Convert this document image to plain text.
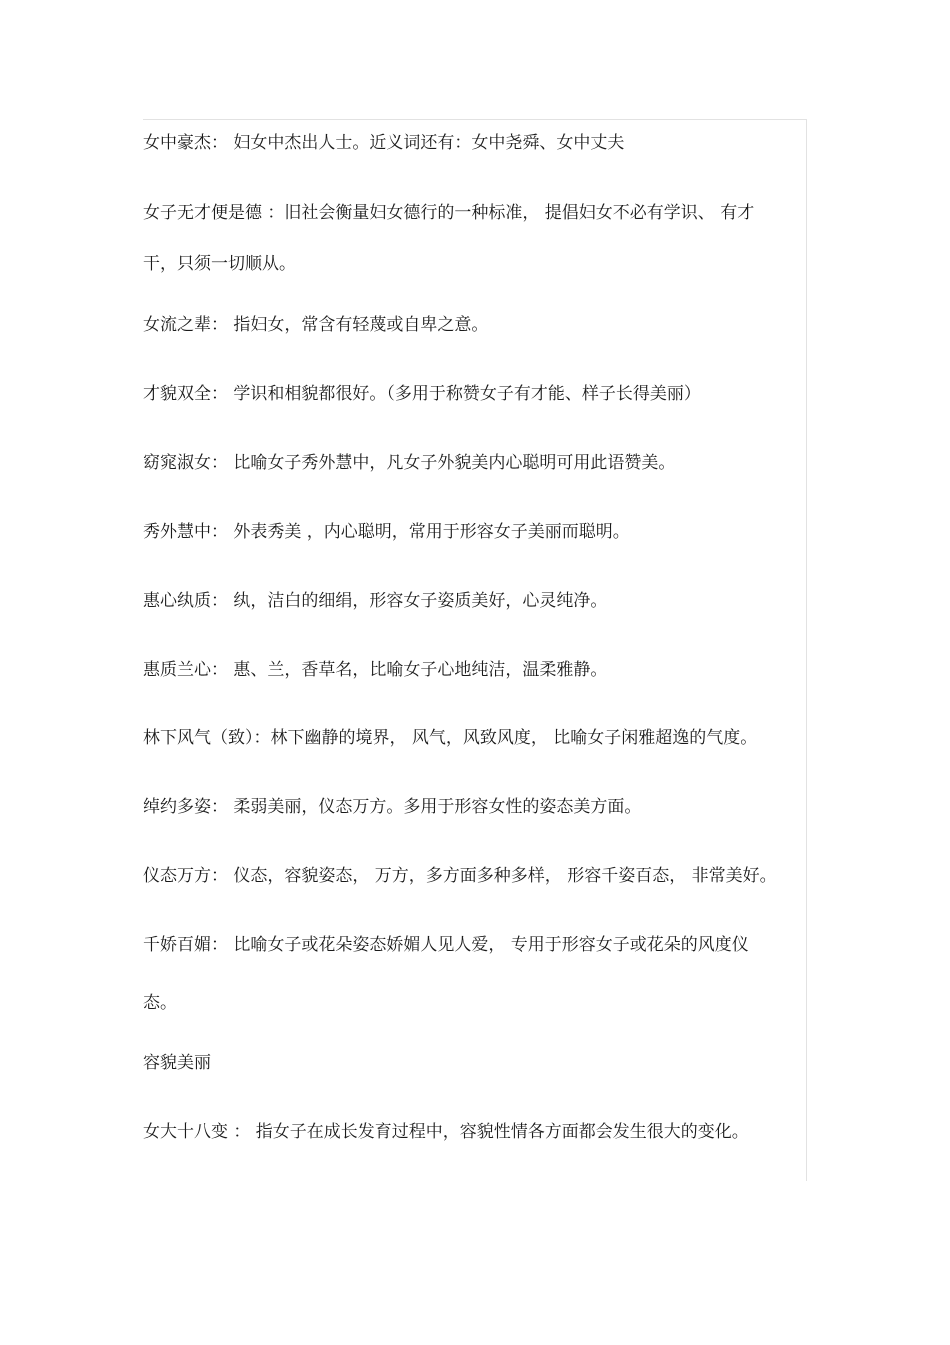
女中豪杰： 妇女中杰出人士。近义词还有：女中尧舜、女中丈夫

女子无才便是德 ：旧社会衡量妇女德行的一种标准， 提倡妇女不必有学识、 有才
干，只须一切顺从。

女流之辈： 指妇女，常含有轻蔑或自卑之意。

才貌双全： 学识和相貌都很好。（多用于称赞女子有才能、样子长得美丽）

窈窕淑女： 比喻女子秀外慧中，凡女子外貌美内心聪明可用此语赞美。

秀外慧中： 外表秀美 ，内心聪明，常用于形容女子美丽而聪明。

惠心纨质： 纨，洁白的细绢，形容女子姿质美好，心灵纯净。

惠质兰心： 惠、兰，香草名，比喻女子心地纯洁，温柔雅静。

林下风气（致）：林下幽静的境界， 风气，风致风度， 比喻女子闲雅超逸的气度。

绰约多姿： 柔弱美丽，仪态万方。多用于形容女性的姿态美方面。

仪态万方： 仪态，容貌姿态， 万方，多方面多种多样， 形容千姿百态， 非常美好。

千娇百媚： 比喻女子或花朵姿态娇媚人见人爱， 专用于形容女子或花朵的风度仪
态。

容貌美丽

女大十八变 ： 指女子在成长发育过程中，容貌性情各方面都会发生很大的变化。
